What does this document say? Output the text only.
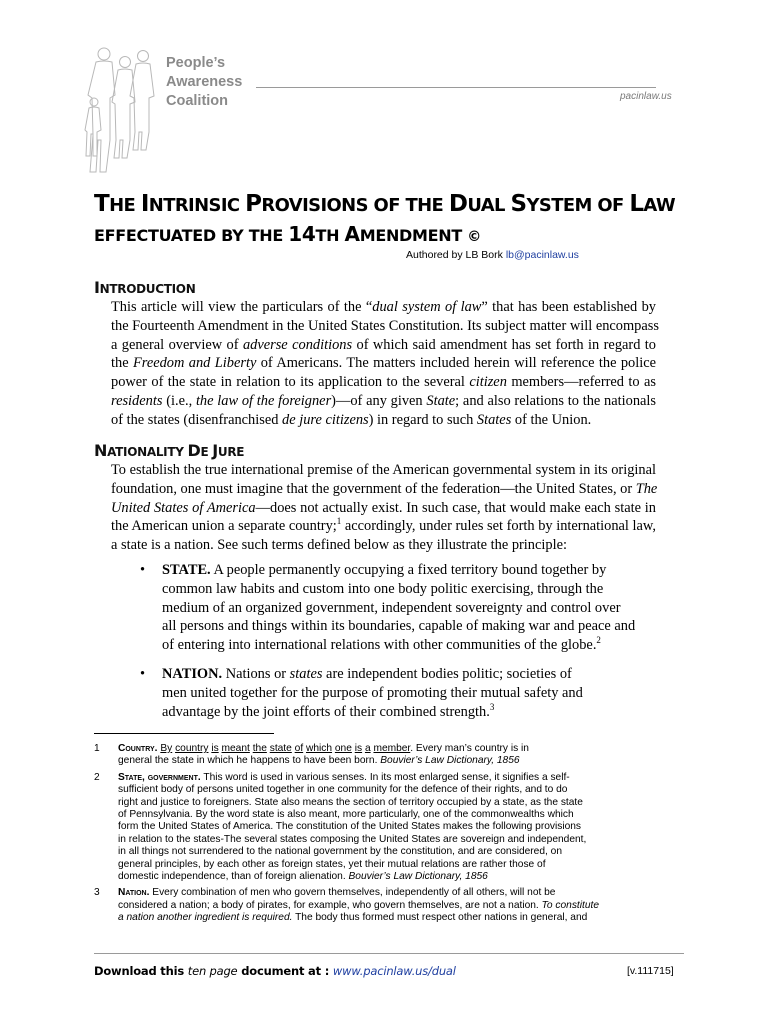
People’s
Awareness
Coalition	pacinlaw.us
THE INTRINSIC PROVISIONS OF THE DUAL SYSTEM OF LAW
EFFECTUATED BY THE 14TH AMENDMENT ©
Authored by LB Bork lb@pacinlaw.us
INTRODUCTION
This article will view the particulars of the “dual system of law” that has been established by
the Fourteenth Amendment in the United States Constitution. Its subject matter will encompass
a general overview of adverse conditions of which said amendment has set forth in regard to
the Freedom and Liberty of Americans. The matters included herein will reference the police
power of the state in relation to its application to the several citizen members—referred to as
residents (i.e., the law of the foreigner)—of any given State; and also relations to the nationals
of the states (disenfranchised de jure citizens) in regard to such States of the Union.
NATIONALITY DE JURE
To establish the true international premise of the American governmental system in its original
foundation, one must imagine that the government of the federation—the United States, or The
United States of America—does not actually exist. In such case, that would make each state in
the American union a separate country;$^1$ accordingly, under rules set forth by international law,
a state is a nation. See such terms defined below as they illustrate the principle:
• STATE. A people permanently occupying a fixed territory bound together by
common law habits and custom into one body politic exercising, through the
medium of an organized government, independent sovereignty and control over
all persons and things within its boundaries, capable of making war and peace and
of entering into international relations with other communities of the globe.$^2$
• NATION. Nations or states are independent bodies politic; societies of
men united together for the purpose of promoting their mutual safety and
advantage by the joint efforts of their combined strength.$^3$
1 Country. By country is meant the state of which one is a member. Every man’s country is in
general the state in which he happens to have been born. Bouvier’s Law Dictionary, 1856
2 State, government. This word is used in various senses. In its most enlarged sense, it signifies a self-
sufficient body of persons united together in one community for the defence of their rights, and to do
right and justice to foreigners. State also means the section of territory occupied by a state, as the state
of Pennsylvania. By the word state is also meant, more particularly, one of the commonwealths which
form the United States of America. The constitution of the United States makes the following provisions
in relation to the states-The several states composing the United States are sovereign and independent,
in all things not surrendered to the national government by the constitution, and are considered, on
general principles, by each other as foreign states, yet their mutual relations are rather those of
domestic independence, than of foreign alienation. Bouvier’s Law Dictionary, 1856
3 Nation. Every combination of men who govern themselves, independently of all others, will not be
considered a nation; a body of pirates, for example, who govern themselves, are not a nation. To constitute
a nation another ingredient is required. The body thus formed must respect other nations in general, and
Download this ten page document at : www.pacinlaw.us/dual	[v.111715]
